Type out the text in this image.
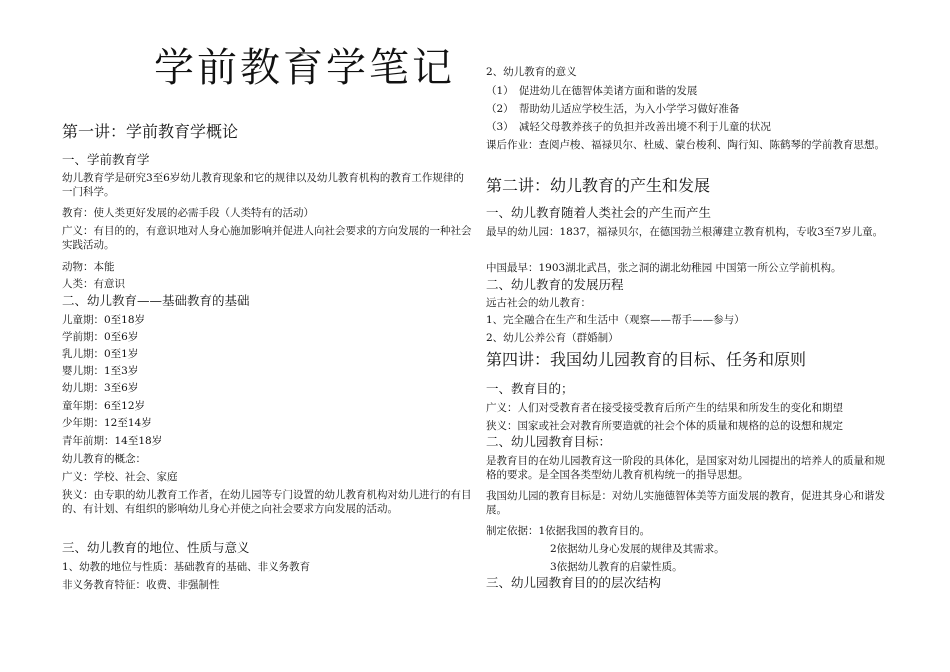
学前教育学笔记
第一讲：学前教育学概论
一、学前教育学
幼儿教育学是研究3至6岁幼儿教育现象和它的规律以及幼儿教育机构的教育工作规律的一门科学。
教育：使人类更好发展的必需手段（人类特有的活动）
广义：有目的的，有意识地对人身心施加影响并促进人向社会要求的方向发展的一种社会实践活动。
动物：本能
人类：有意识
二、幼儿教育——基础教育的基础
儿童期：0至18岁
学前期：0至6岁
乳儿期：0至1岁
婴儿期：1至3岁
幼儿期：3至6岁
童年期：6至12岁
少年期：12至14岁
青年前期：14至18岁
幼儿教育的概念：
广义：学校、社会、家庭
狭义：由专职的幼儿教育工作者，在幼儿园等专门设置的幼儿教育机构对幼儿进行的有目的、有计划、有组织的影响幼儿身心并使之向社会要求方向发展的活动。
三、幼儿教育的地位、性质与意义
1、幼教的地位与性质：基础教育的基础、非义务教育
非义务教育特征：收费、非强制性
2、幼儿教育的意义
（1）　促进幼儿在德智体美诸方面和谐的发展
（2）　帮助幼儿适应学校生活，为入小学学习做好准备
（3）　减轻父母教养孩子的负担并改善出境不利于儿童的状况
课后作业：查阅卢梭、福禄贝尔、杜威、蒙台梭利、陶行知、陈鹤琴的学前教育思想。
第二讲：幼儿教育的产生和发展
一、幼儿教育随着人类社会的产生而产生
最早的幼儿园：1837，福禄贝尔，在德国勃兰根薄建立教育机构，专收3至7岁儿童。
中国最早：1903湖北武昌，张之洞的湖北幼稚园 中国第一所公立学前机构。
二、幼儿教育的发展历程
远古社会的幼儿教育：
1、完全融合在生产和生活中（观察——帮手——参与）
2、幼儿公养公育（群婚制）
第四讲：我国幼儿园教育的目标、任务和原则
一、教育目的；
广义：人们对受教育者在接受接受教育后所产生的结果和所发生的变化和期望
狭义：国家或社会对教育所要造就的社会个体的质量和规格的总的设想和规定
二、幼儿园教育目标：
是教育目的在幼儿园教育这一阶段的具体化，是国家对幼儿园提出的培养人的质量和规格的要求。是全国各类型幼儿教育机构统一的指导思想。
我国幼儿园的教育目标是：对幼儿实施德智体美等方面发展的教育，促进其身心和谐发展。
制定依据：1依据我国的教育目的。
2依据幼儿身心发展的规律及其需求。
3依据幼儿教育的启蒙性质。
三、幼儿园教育目的的层次结构
